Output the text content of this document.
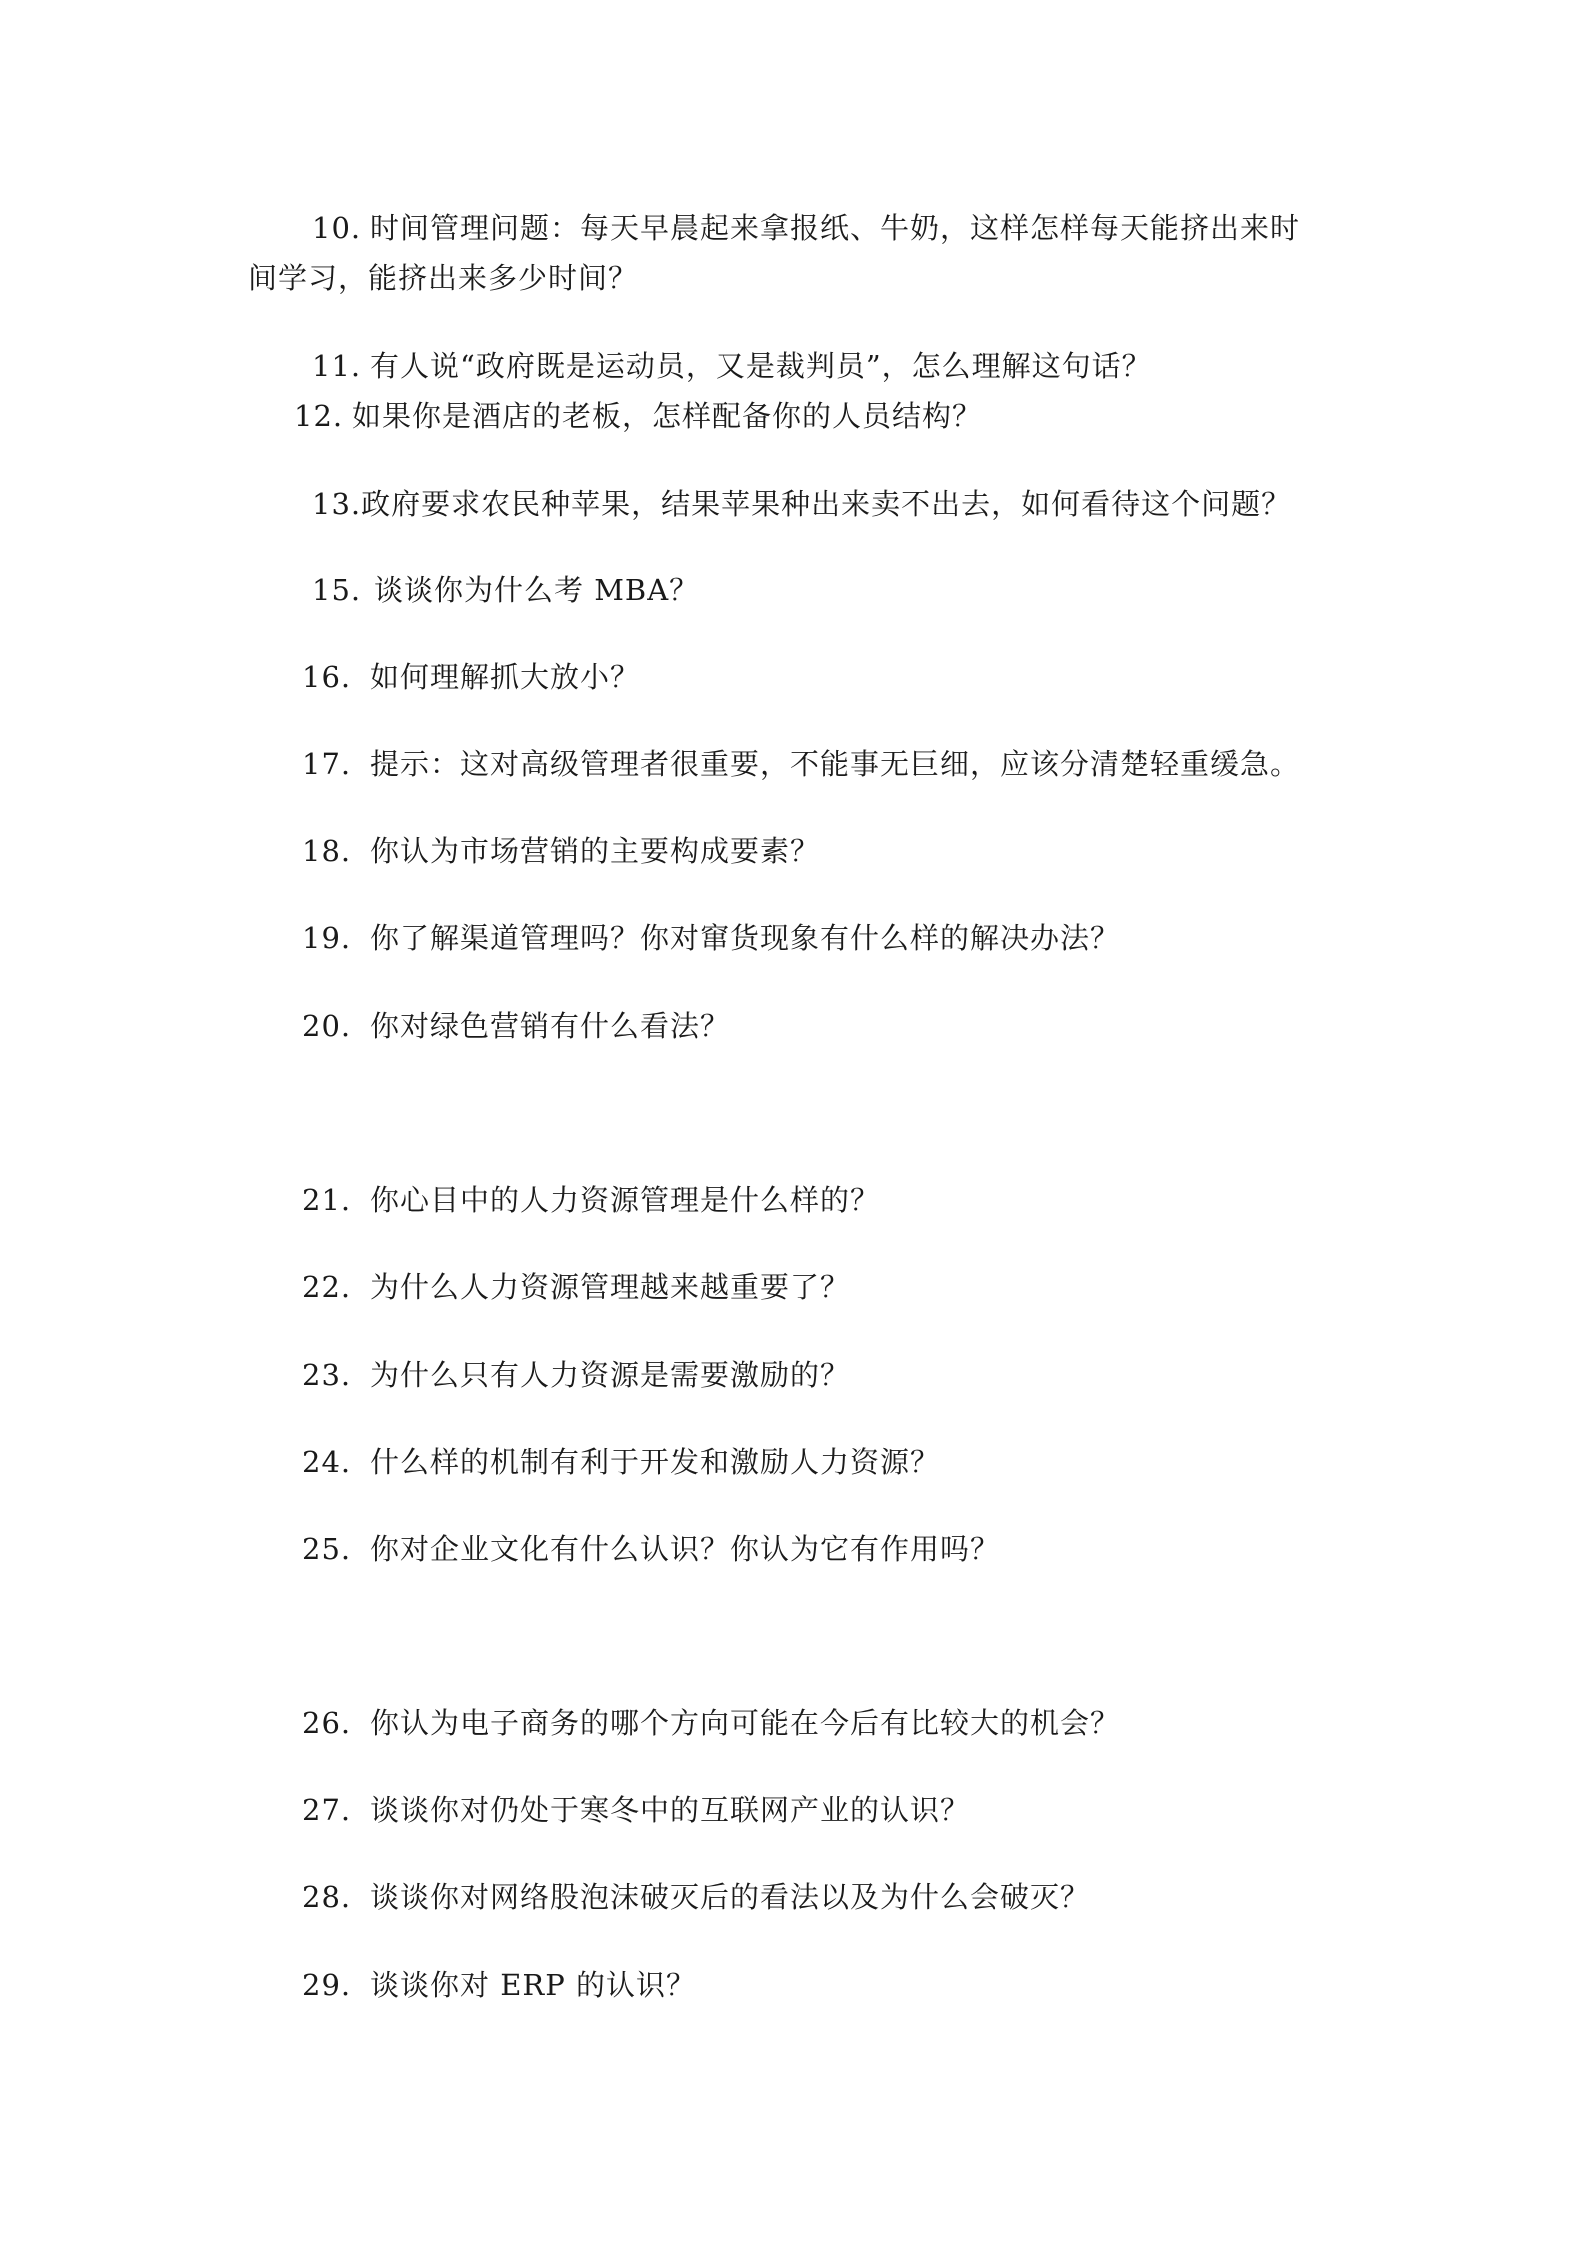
10. 时间管理问题：每天早晨起来拿报纸、牛奶，这样怎样每天能挤出来时

间学习，能挤出来多少时间？

11. 有人说“政府既是运动员，又是裁判员”，怎么理解这句话？

12. 如果你是酒店的老板，怎样配备你的人员结构？

13.政府要求农民种苹果，结果苹果种出来卖不出去，如何看待这个问题？

15. 谈谈你为什么考 MBA？

16. 如何理解抓大放小？

17. 提示：这对高级管理者很重要，不能事无巨细，应该分清楚轻重缓急。

18. 你认为市场营销的主要构成要素？

19. 你了解渠道管理吗？你对窜货现象有什么样的解决办法？

20. 你对绿色营销有什么看法？

21. 你心目中的人力资源管理是什么样的？

22. 为什么人力资源管理越来越重要了？

23. 为什么只有人力资源是需要激励的？

24. 什么样的机制有利于开发和激励人力资源？

25. 你对企业文化有什么认识？你认为它有作用吗？

26. 你认为电子商务的哪个方向可能在今后有比较大的机会？

27. 谈谈你对仍处于寒冬中的互联网产业的认识？

28. 谈谈你对网络股泡沫破灭后的看法以及为什么会破灭？

29. 谈谈你对 ERP 的认识？
